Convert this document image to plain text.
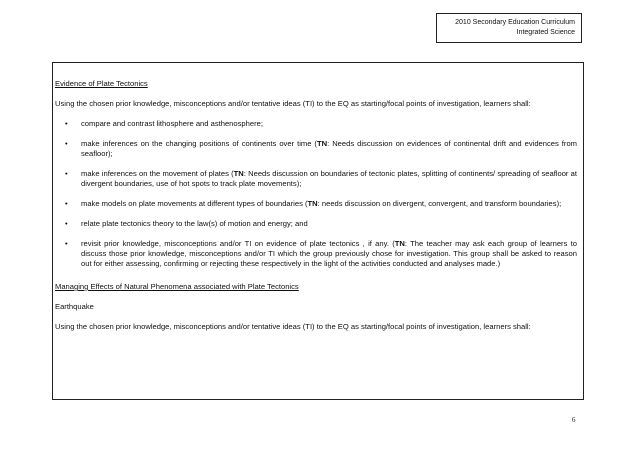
2010 Secondary Education Curriculum
Integrated Science

Evidence of Plate Tectonics

Using the chosen prior knowledge, misconceptions and/or tentative ideas (TI) to the EQ as starting/focal points of investigation, learners shall:

• compare and contrast lithosphere and asthenosphere;
• make inferences on the changing positions of continents over time (TN: Needs discussion on evidences of continental drift and evidences from seafloor);
• make inferences on the movement of plates (TN: Needs discussion on boundaries of tectonic plates, splitting of continents/ spreading of seafloor at divergent boundaries, use of hot spots to track plate movements);
• make models on plate movements at different types of boundaries (TN: needs discussion on divergent, convergent, and transform boundaries);
• relate plate tectonics theory to the law(s) of motion and energy; and
• revisit prior knowledge, misconceptions and/or TI on evidence of plate tectonics , if any. (TN: The teacher may ask each group of learners to discuss those prior knowledge, misconceptions and/or TI which the group previously chose for investigation. This group shall be asked to reason out for either assessing, confirming or rejecting these respectively in the light of the activities conducted and analyses made.)

Managing Effects of Natural Phenomena associated with Plate Tectonics

Earthquake

Using the chosen prior knowledge, misconceptions and/or tentative ideas (TI) to the EQ as starting/focal points of investigation, learners shall:

6
